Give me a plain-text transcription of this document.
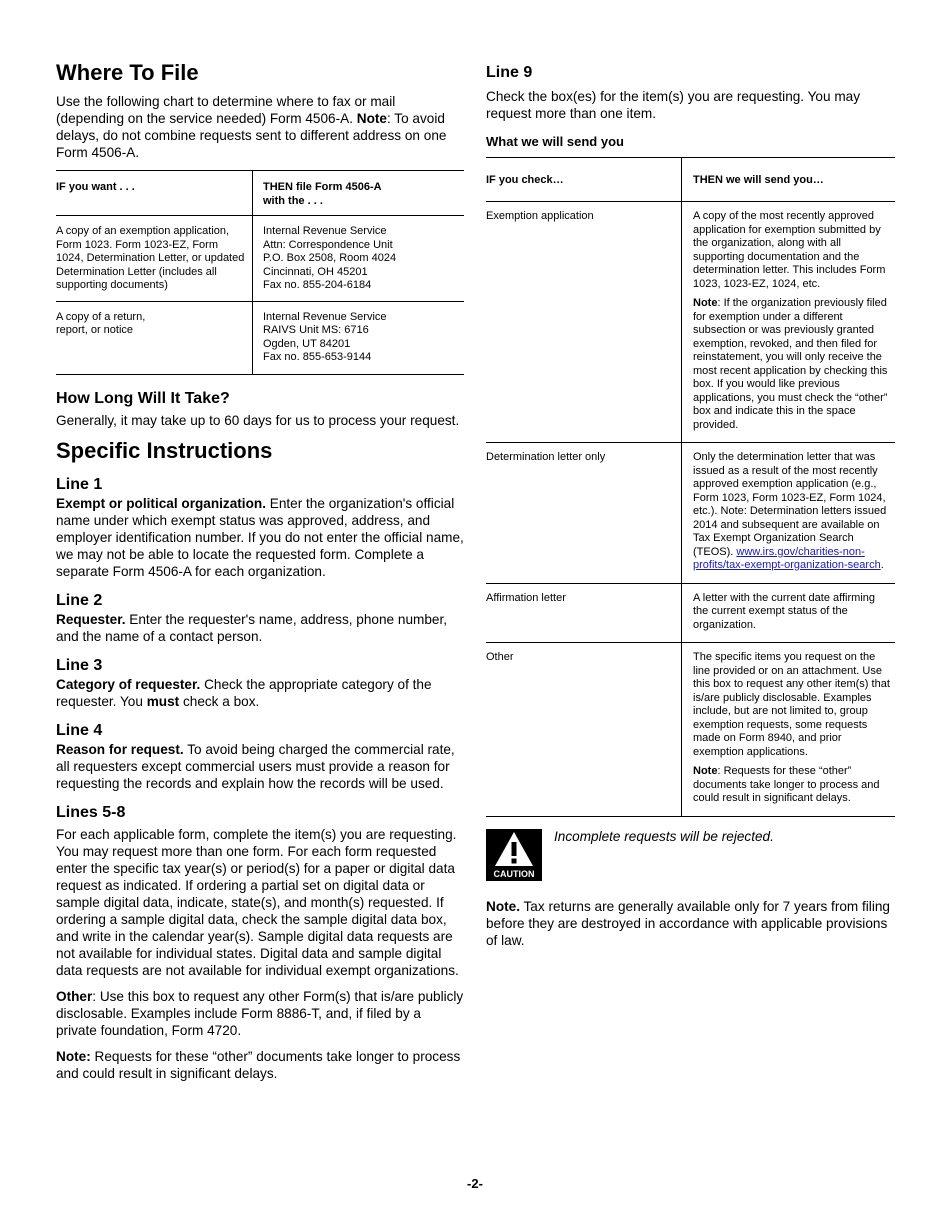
Where To File

Use the following chart to determine where to fax or mail (depending on the service needed) Form 4506-A. Note: To avoid delays, do not combine requests sent to different address on one Form 4506-A.

IF you want . . .	THEN file Form 4506-A
with the . . .
A copy of an exemption application, Form 1023. Form 1023-EZ, Form 1024, Determination Letter, or updated Determination Letter (includes all supporting documents)	Internal Revenue Service
Attn: Correspondence Unit
P.O. Box 2508, Room 4024
Cincinnati, OH 45201
Fax no. 855-204-6184
A copy of a return,
report, or notice	Internal Revenue Service
RAIVS Unit MS: 6716
Ogden, UT 84201
Fax no. 855-653-9144
How Long Will It Take?

Generally, it may take up to 60 days for us to process your request.

Specific Instructions
Line 1

Exempt or political organization. Enter the organization's official name under which exempt status was approved, address, and employer identification number. If you do not enter the official name, we may not be able to locate the requested form. Complete a separate Form 4506-A for each organization.

Line 2

Requester. Enter the requester's name, address, phone number, and the name of a contact person.

Line 3

Category of requester. Check the appropriate category of the requester. You must check a box.

Line 4

Reason for request. To avoid being charged the commercial rate, all requesters except commercial users must provide a reason for requesting the records and explain how the records will be used.

Lines 5-8

For each applicable form, complete the item(s) you are requesting. You may request more than one form. For each form requested enter the specific tax year(s) or period(s) for a paper or digital data request as indicated. If ordering a partial set on digital data or sample digital data, indicate, state(s), and month(s) requested. If ordering a sample digital data, check the sample digital data box, and write in the calendar year(s). Sample digital data requests are not available for individual states. Digital data and sample digital data requests are not available for individual exempt organizations.

Other: Use this box to request any other Form(s) that is/are publicly disclosable. Examples include Form 8886-T, and, if filed by a private foundation, Form 4720.

Note: Requests for these “other” documents take longer to process and could result in significant delays.

Line 9

Check the box(es) for the item(s) you are requesting. You may request more than one item.

What we will send you

IF you check…	THEN we will send you…
Exemption application	A copy of the most recently approved application for exemption submitted by the organization, along with all supporting documentation and the determination letter. This includes Form 1023, 1023-EZ, 1024, etc.
Note: If the organization previously filed for exemption under a different subsection or was previously granted exemption, revoked, and then filed for reinstatement, you will only receive the most recent application by checking this box. If you would like previous applications, you must check the “other” box and indicate this in the space provided.

Determination letter only	Only the determination letter that was issued as a result of the most recently approved exemption application (e.g., Form 1023, Form 1023-EZ, Form 1024, etc.). Note: Determination letters issued 2014 and subsequent are available on Tax Exempt Organization Search (TEOS). www.irs.gov/charities-non-profits/tax-exempt-organization-search.
Affirmation letter	A letter with the current date affirming the current exempt status of the organization.
Other	The specific items you request on the line provided or on an attachment. Use this box to request any other item(s) that is/are publicly disclosable. Examples include, but are not limited to, group exemption requests, some requests made on Form 8940, and prior exemption applications.
Note: Requests for these “other” documents take longer to process and could result in significant delays.
CAUTION
Incomplete requests will be rejected.

Note. Tax returns are generally available only for 7 years from filing before they are destroyed in accordance with applicable provisions of law.

-2-
